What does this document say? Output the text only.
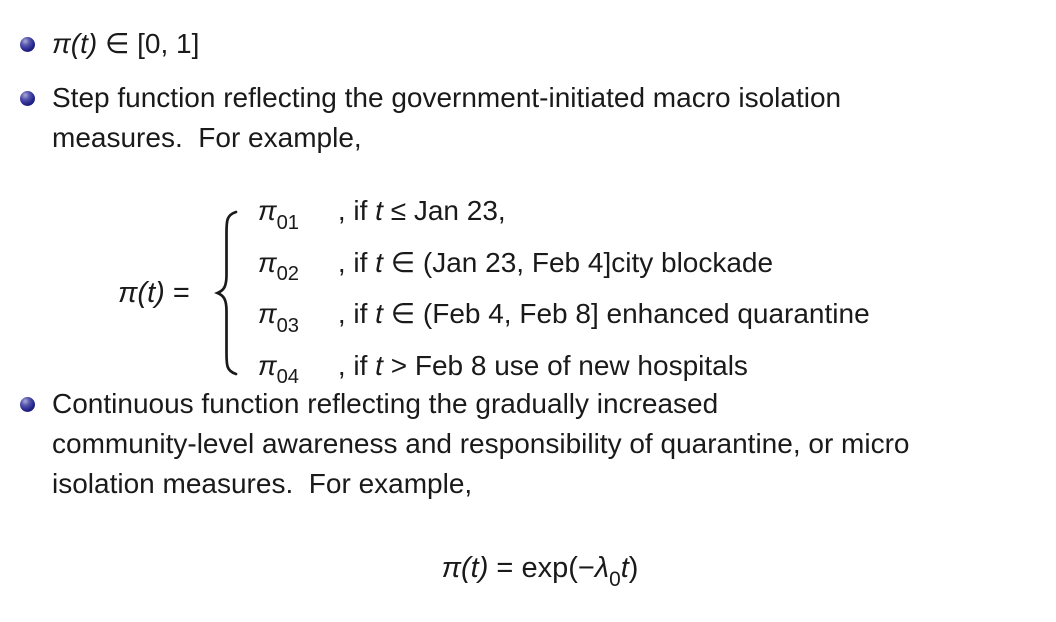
π(t) ∈ [0, 1]
Step function reflecting the government-initiated macro isolation
measures.  For example,
π(t) =
$\pi_{01}$	, if t ≤ Jan 23,
$\pi_{02}$	, if t ∈ (Jan 23, Feb 4]city blockade
$\pi_{03}$	, if t ∈ (Feb 4, Feb 8] enhanced quarantine
$\pi_{04}$	, if t > Feb 8 use of new hospitals
Continuous function reflecting the gradually increased
community-level awareness and responsibility of quarantine, or micro
isolation measures.  For example,
$\pi(t) = \exp(-\lambda_0t)$
